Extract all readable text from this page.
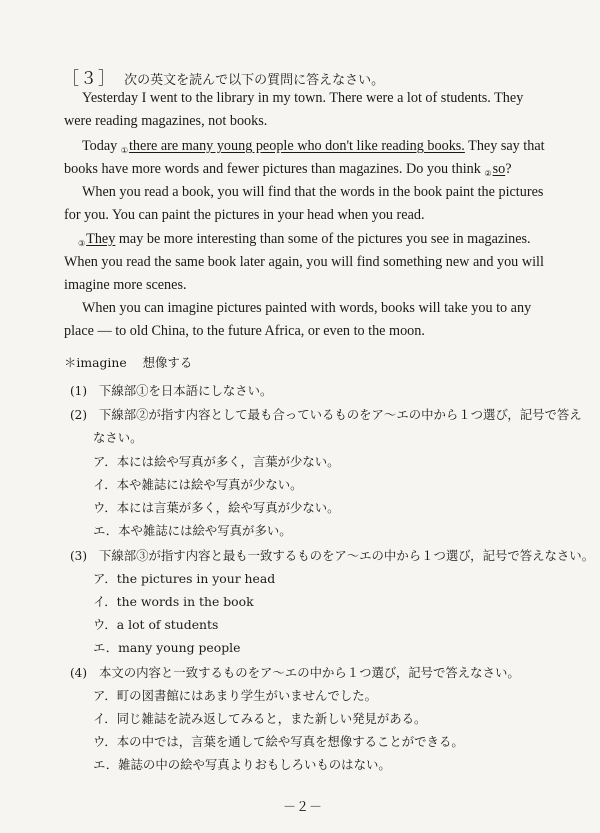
［３］ 次の英文を読んで以下の質問に答えなさい。
Yesterday I went to the library in my town. There were a lot of students. They
were reading magazines, not books.
Today $_①$there are many young people who don't like reading books. They say that
books have more words and fewer pictures than magazines. Do you think $_②$so?
When you read a book, you will find that the words in the book paint the pictures
for you. You can paint the pictures in your head when you read.
$_③$They may be more interesting than some of the pictures you see in magazines.
When you read the same book later again, you will find something new and you will
imagine more scenes.
When you can imagine pictures painted with words, books will take you to any
place — to old China, to the future Africa, or even to the moon.
＊imagine 想像する
(1) 下線部①を日本語にしなさい。
(2) 下線部②が指す内容として最も合っているものをア～エの中から１つ選び，記号で答え
なさい。
ア．本には絵や写真が多く，言葉が少ない。
イ．本や雑誌には絵や写真が少ない。
ウ．本には言葉が多く，絵や写真が少ない。
エ．本や雑誌には絵や写真が多い。
(3) 下線部③が指す内容と最も一致するものをア～エの中から１つ選び，記号で答えなさい。
ア．the pictures in your head
イ．the words in the book
ウ．a lot of students
エ．many young people
(4) 本文の内容と一致するものをア～エの中から１つ選び，記号で答えなさい。
ア．町の図書館にはあまり学生がいませんでした。
イ．同じ雑誌を読み返してみると，また新しい発見がある。
ウ．本の中では，言葉を通して絵や写真を想像することができる。
エ．雑誌の中の絵や写真よりおもしろいものはない。
－２－
